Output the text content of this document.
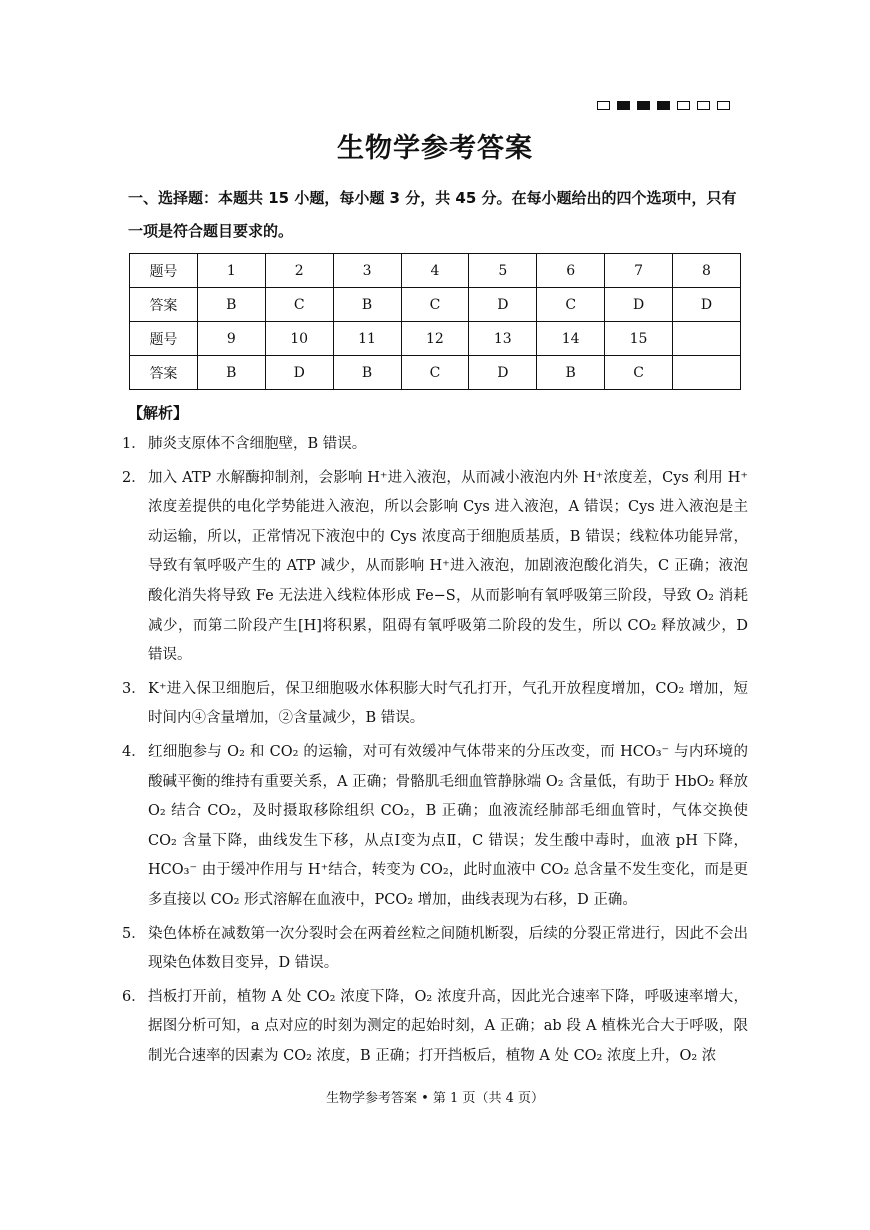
生物学参考答案
一、选择题：本题共 15 小题，每小题 3 分，共 45 分。在每小题给出的四个选项中，只有一项是符合题目要求的。
题号	1	2	3	4	5	6	7	8
答案	B	C	B	C	D	C	D	D
题号	9	10	11	12	13	14	15	
答案	B	D	B	C	D	B	C	
【解析】
1． 肺炎支原体不含细胞壁，B 错误。
2． 加入 ATP 水解酶抑制剂，会影响 H⁺进入液泡，从而减小液泡内外 H⁺浓度差，Cys 利用 H⁺浓度差提供的电化学势能进入液泡，所以会影响 Cys 进入液泡，A 错误；Cys 进入液泡是主动运输，所以，正常情况下液泡中的 Cys 浓度高于细胞质基质，B 错误；线粒体功能异常，导致有氧呼吸产生的 ATP 减少，从而影响 H⁺进入液泡，加剧液泡酸化消失，C 正确；液泡酸化消失将导致 Fe 无法进入线粒体形成 Fe−S，从而影响有氧呼吸第三阶段，导致 O₂ 消耗减少，而第二阶段产生[H]将积累，阻碍有氧呼吸第二阶段的发生，所以 CO₂ 释放减少，D 错误。
3． K⁺进入保卫细胞后，保卫细胞吸水体积膨大时气孔打开，气孔开放程度增加，CO₂ 增加，短时间内④含量增加，②含量减少，B 错误。
4． 红细胞参与 O₂ 和 CO₂ 的运输，对可有效缓冲气体带来的分压改变，而 HCO₃⁻ 与内环境的酸碱平衡的维持有重要关系，A 正确；骨骼肌毛细血管静脉端 O₂ 含量低，有助于 HbO₂ 释放 O₂ 结合 CO₂，及时摄取移除组织 CO₂，B 正确；血液流经肺部毛细血管时，气体交换使 CO₂ 含量下降，曲线发生下移，从点Ⅰ变为点Ⅱ，C 错误；发生酸中毒时，血液 pH 下降，HCO₃⁻ 由于缓冲作用与 H⁺结合，转变为 CO₂，此时血液中 CO₂ 总含量不发生变化，而是更多直接以 CO₂ 形式溶解在血液中，PCO₂ 增加，曲线表现为右移，D 正确。
5． 染色体桥在减数第一次分裂时会在两着丝粒之间随机断裂，后续的分裂正常进行，因此不会出现染色体数目变异，D 错误。
6． 挡板打开前，植物 A 处 CO₂ 浓度下降，O₂ 浓度升高，因此光合速率下降，呼吸速率增大，据图分析可知，a 点对应的时刻为测定的起始时刻，A 正确；ab 段 A 植株光合大于呼吸，限制光合速率的因素为 CO₂ 浓度，B 正确；打开挡板后，植物 A 处 CO₂ 浓度上升，O₂ 浓
生物学参考答案 • 第 1 页（共 4 页）
